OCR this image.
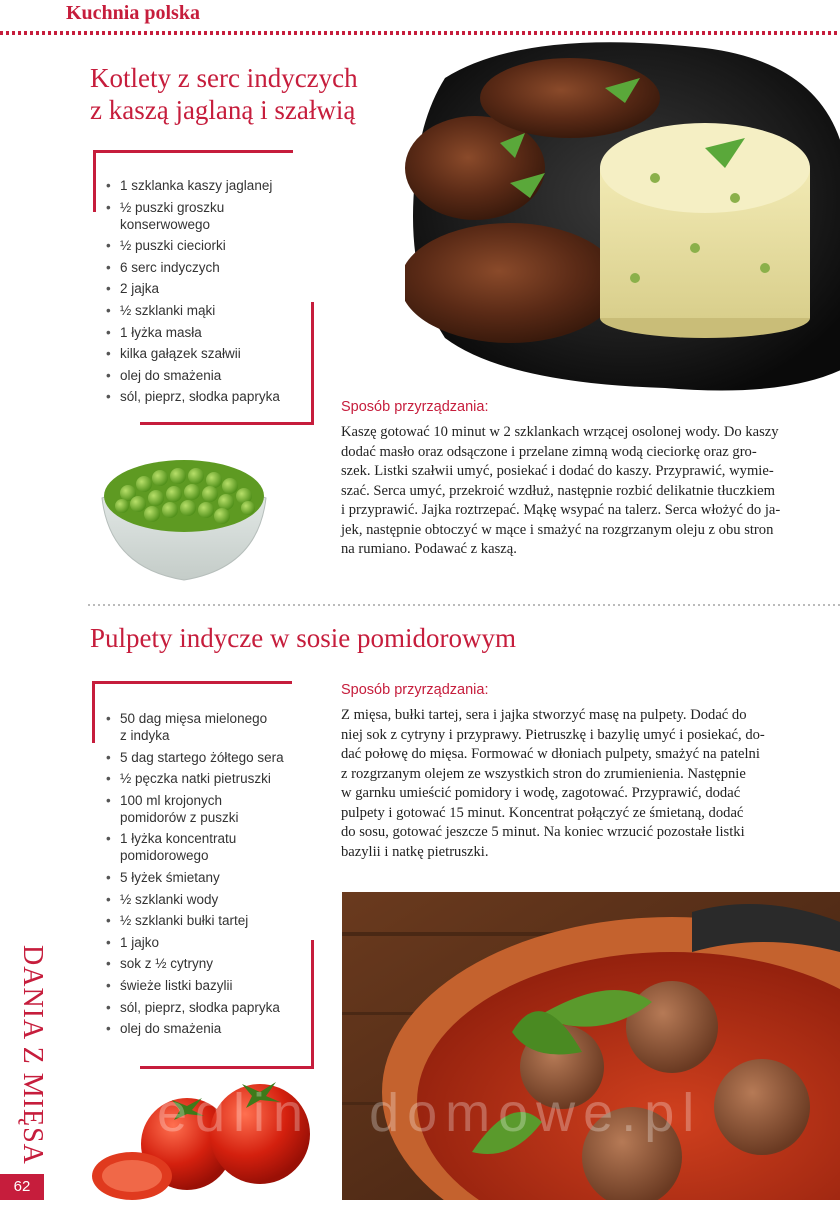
Kuchnia polska
Kotlety z serc indyczych
z kaszą jaglaną i szałwią
• 1 szklanka kaszy jaglanej
• ½ puszki groszku
konserwowego
• ½ puszki cieciorki
• 6 serc indyczych
• 2 jajka
• ½ szklanki mąki
• 1 łyżka masła
• kilka gałązek szałwii
• olej do smażenia
• sól, pieprz, słodka papryka
Sposób przyrządzania:
Kaszę gotować 10 minut w 2 szklankach wrzącej osolonej wody. Do kaszy
dodać masło oraz odsączone i przelane zimną wodą cieciorkę oraz gro-
szek. Listki szałwii umyć, posiekać i dodać do kaszy. Przyprawić, wymie-
szać. Serca umyć, przekroić wzdłuż, następnie rozbić delikatnie tłuczkiem
i przyprawić. Jajka roztrzepać. Mąkę wsypać na talerz. Serca włożyć do ja-
jek, następnie obtoczyć w mące i smażyć na rozgrzanym oleju z obu stron
na rumiano. Podawać z kaszą.
Pulpety indycze w sosie pomidorowym
• 50 dag mięsa mielonego
z indyka
• 5 dag startego żółtego sera
• ½ pęczka natki pietruszki
• 100 ml krojonych
pomidorów z puszki
• 1 łyżka koncentratu
pomidorowego
• 5 łyżek śmietany
• ½ szklanki wody
• ½ szklanki bułki tartej
• 1 jajko
• sok z ½ cytryny
• świeże listki bazylii
• sól, pieprz, słodka papryka
• olej do smażenia
Sposób przyrządzania:
Z mięsa, bułki tartej, sera i jajka stworzyć masę na pulpety. Dodać do
niej sok z cytryny i przyprawy. Pietruszkę i bazylię umyć i posiekać, do-
dać połowę do mięsa. Formować w dłoniach pulpety, smażyć na patelni
z rozgrzanym olejem ze wszystkich stron do zrumienienia. Następnie
w garnku umieścić pomidory i wodę, zagotować. Przyprawić, dodać
pulpety i gotować 15 minut. Koncentrat połączyć ze śmietaną, dodać
do sosu, gotować jeszcze 5 minut. Na koniec wrzucić pozostałe listki
bazylii i natkę pietruszki.
wedliny domowe.pl
DANIA Z MIĘSA
62
